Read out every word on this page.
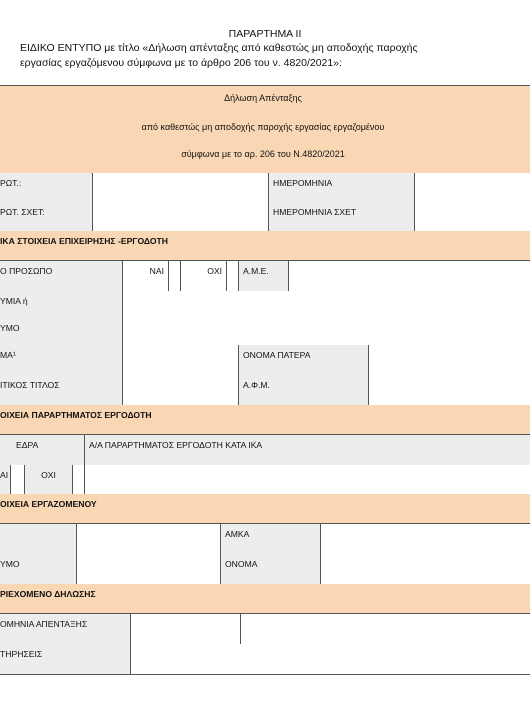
ΠΑΡΑΡΤΗΜΑ ΙΙ
ΕΙΔΙΚΟ ΕΝΤΥΠΟ με τίτλο «Δήλωση απένταξης από καθεστώς μη αποδοχής παροχής
εργασίας εργαζόμενου σύμφωνα με το άρθρο 206 του ν. 4820/2021»:
Δήλωση Απένταξης
από καθεστώς μη αποδοχής παροχής εργασίας εργαζομένου
σύμφωνα με το αρ. 206 του Ν.4820/2021
ΡΩΤ.:	ΗΜΕΡΟΜΗΝΙΑ
ΡΩΤ. ΣΧΕΤ:	ΗΜΕΡΟΜΗΝΙΑ ΣΧΕΤ
ΙΚΑ ΣΤΟΙΧΕΙΑ ΕΠΙΧΕΙΡΗΣΗΣ -ΕΡΓΟΔΟΤΗ
Ο ΠΡΟΣΩΠΟ	ΝΑΙ	ΟΧΙ	Α.Μ.Ε.
ΥΜΙΑ ή
ΥΜΟ
ΜΑ¹	ΟΝΟΜΑ ΠΑΤΕΡΑ
ΙΤΙΚΟΣ ΤΙΤΛΟΣ	Α.Φ.Μ.
ΟΙΧΕΙΑ ΠΑΡΑΡΤΗΜΑΤΟΣ ΕΡΓΟΔΟΤΗ
ΕΔΡΑ	Α/Α ΠΑΡΑΡΤΗΜΑΤΟΣ ΕΡΓΟΔΟΤΗ ΚΑΤΑ ΙΚΑ
ΑΙ	ΟΧΙ
ΟΙΧΕΙΑ ΕΡΓΑΖΟΜΕΝΟΥ
ΑΜΚΑ
ΥΜΟ	ΟΝΟΜΑ
ΡΙΕΧΟΜΕΝΟ ΔΗΛΩΣΗΣ
ΟΜΗΝΙΑ ΑΠΕΝΤΑΞΗΣ
ΤΗΡΗΣΕΙΣ
